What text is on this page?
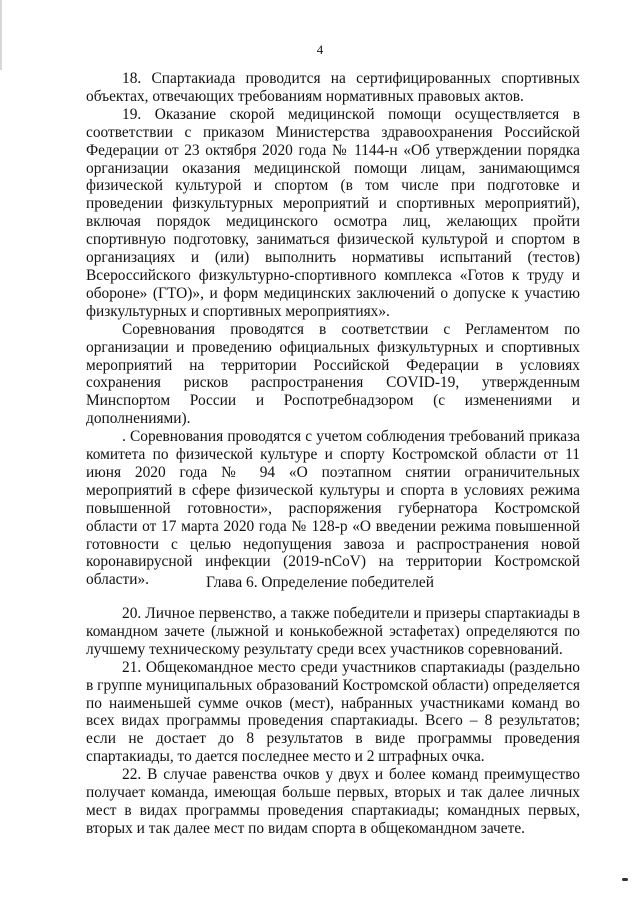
4

18. Спартакиада проводится на сертифицированных спортивных объектах, отвечающих требованиям нормативных правовых актов.

19. Оказание скорой медицинской помощи осуществляется в соответствии с приказом Министерства здравоохранения Российской Федерации от 23 октября 2020 года № 1144-н «Об утверждении порядка организации оказания медицинской помощи лицам, занимающимся физической культурой и спортом (в том числе при подготовке и проведении физкультурных мероприятий и спортивных мероприятий), включая порядок медицинского осмотра лиц, желающих пройти спортивную подготовку, заниматься физической культурой и спортом в организациях и (или) выполнить нормативы испытаний (тестов) Всероссийского физкультурно-спортивного комплекса «Готов к труду и обороне» (ГТО)», и форм медицинских заключений о допуске к участию физкультурных и спортивных мероприятиях».

Соревнования проводятся в соответствии с Регламентом по организации и проведению официальных физкультурных и спортивных мероприятий на территории Российской Федерации в условиях сохранения рисков распространения COVID-19, утвержденным Минспортом России и Роспотребнадзором (с изменениями и дополнениями).

. Соревнования проводятся с учетом соблюдения требований приказа комитета по физической культуре и спорту Костромской области от 11 июня 2020 года № 94 «О поэтапном снятии ограничительных мероприятий в сфере физической культуры и спорта в условиях режима повышенной готовности», распоряжения губернатора Костромской области от 17 марта 2020 года № 128-р «О введении режима повышенной готовности с целью недопущения завоза и распространения новой коронавирусной инфекции (2019-nCoV) на территории Костромской области».	Глава 6. Определение победителей

20. Личное первенство, а также победители и призеры спартакиады в командном зачете (лыжной и конькобежной эстафетах) определяются по лучшему техническому результату среди всех участников соревнований.

21. Общекомандное место среди участников спартакиады (раздельно в группе муниципальных образований Костромской области) определяется по наименьшей сумме очков (мест), набранных участниками команд во всех видах программы проведения спартакиады. Всего – 8 результатов; если не достает до 8 результатов в виде программы проведения спартакиады, то дается последнее место и 2 штрафных очка.

22. В случае равенства очков у двух и более команд преимущество получает команда, имеющая больше первых, вторых и так далее личных мест в видах программы проведения спартакиады; командных первых, вторых и так далее мест по видам спорта в общекомандном зачете.
